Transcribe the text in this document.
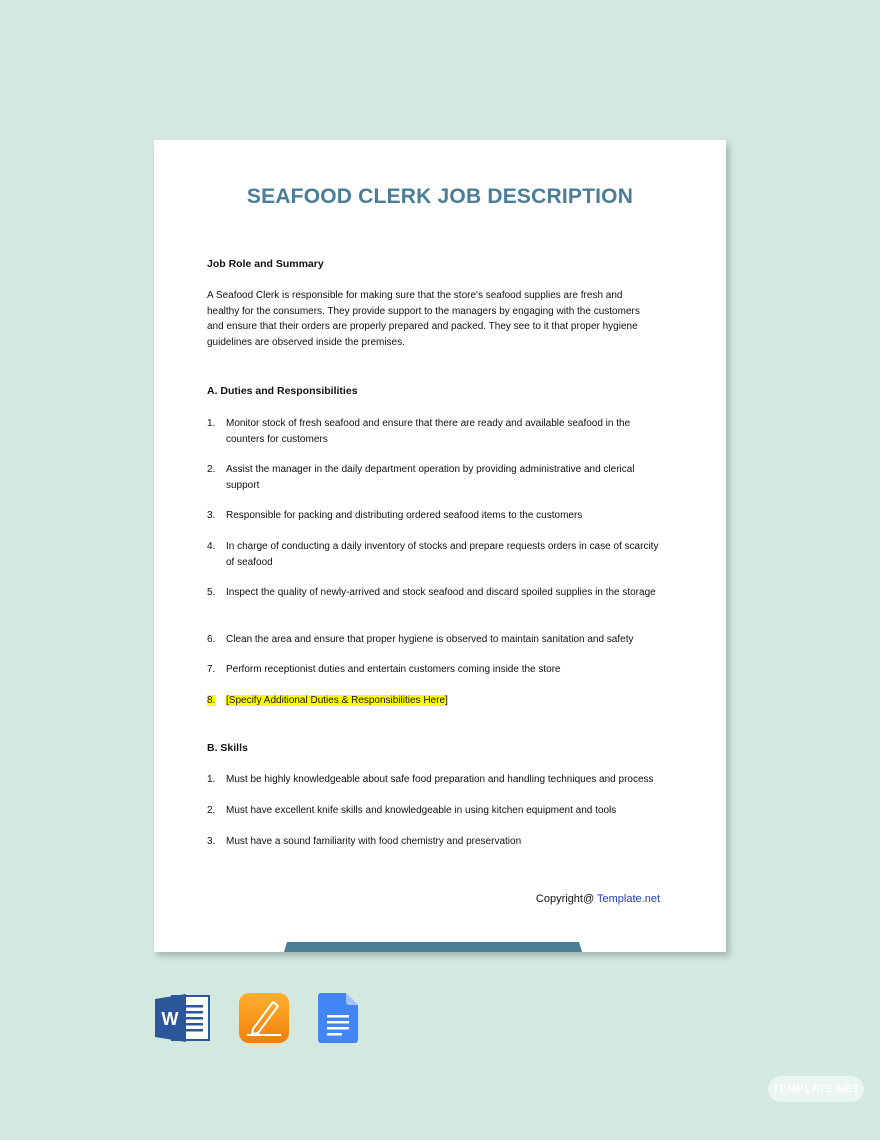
SEAFOOD CLERK JOB DESCRIPTION
Job Role and Summary
A Seafood Clerk is responsible for making sure that the store's seafood supplies are fresh and healthy for the consumers. They provide support to the managers by engaging with the customers and ensure that their orders are properly prepared and packed. They see to it that proper hygiene guidelines are observed inside the premises.
A. Duties and Responsibilities
1.	Monitor stock of fresh seafood and ensure that there are ready and available seafood in the counters for customers
2.	Assist the manager in the daily department operation by providing administrative and clerical support
3.	Responsible for packing and distributing ordered seafood items to the customers
4.	In charge of conducting a daily inventory of stocks and prepare requests orders in case of scarcity of seafood
5.	Inspect the quality of newly-arrived and stock seafood and discard spoiled supplies in the storage
6.	Clean the area and ensure that proper hygiene is observed to maintain sanitation and safety
7.	Perform receptionist duties and entertain customers coming inside the store
8.	[Specify Additional Duties & Responsibilities Here]
B. Skills
1.	Must be highly knowledgeable about safe food preparation and handling techniques and process
2.	Must have excellent knife skills and knowledgeable in using kitchen equipment and tools
3.	Must have a sound familiarity with food chemistry and preservation
Copyright@ Template.net
W
TEMPLATE.NET
